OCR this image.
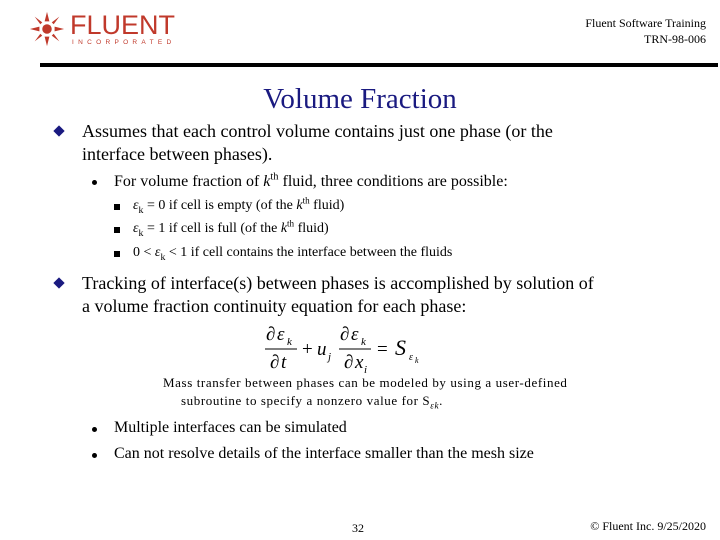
FLUENT
INCORPORATED
Fluent Software Training
TRN-98-006
Volume Fraction
Assumes that each control volume contains just one phase (or the
interface between phases).
For volume fraction of $k^{th}$ fluid, three conditions are possible:
$\varepsilon_k = 0$ if cell is empty (of the $k^{th}$ fluid)
$\varepsilon_k = 1$ if cell is full (of the $k^{th}$ fluid)
$0 < \varepsilon_k < 1$ if cell contains the interface between the fluids
Tracking of interface(s) between phases is accomplished by solution of
a volume fraction continuity equation for each phase:
∂ ε k
∂ t
+ u j
∂ ε k
∂ x i
= S ε k
Mass transfer between phases can be modeled by using a user-defined
subroutine to specify a nonzero value for $S_{\varepsilon k}$.
Multiple interfaces can be simulated
Can not resolve details of the interface smaller than the mesh size
32	© Fluent Inc. 9/25/2020
